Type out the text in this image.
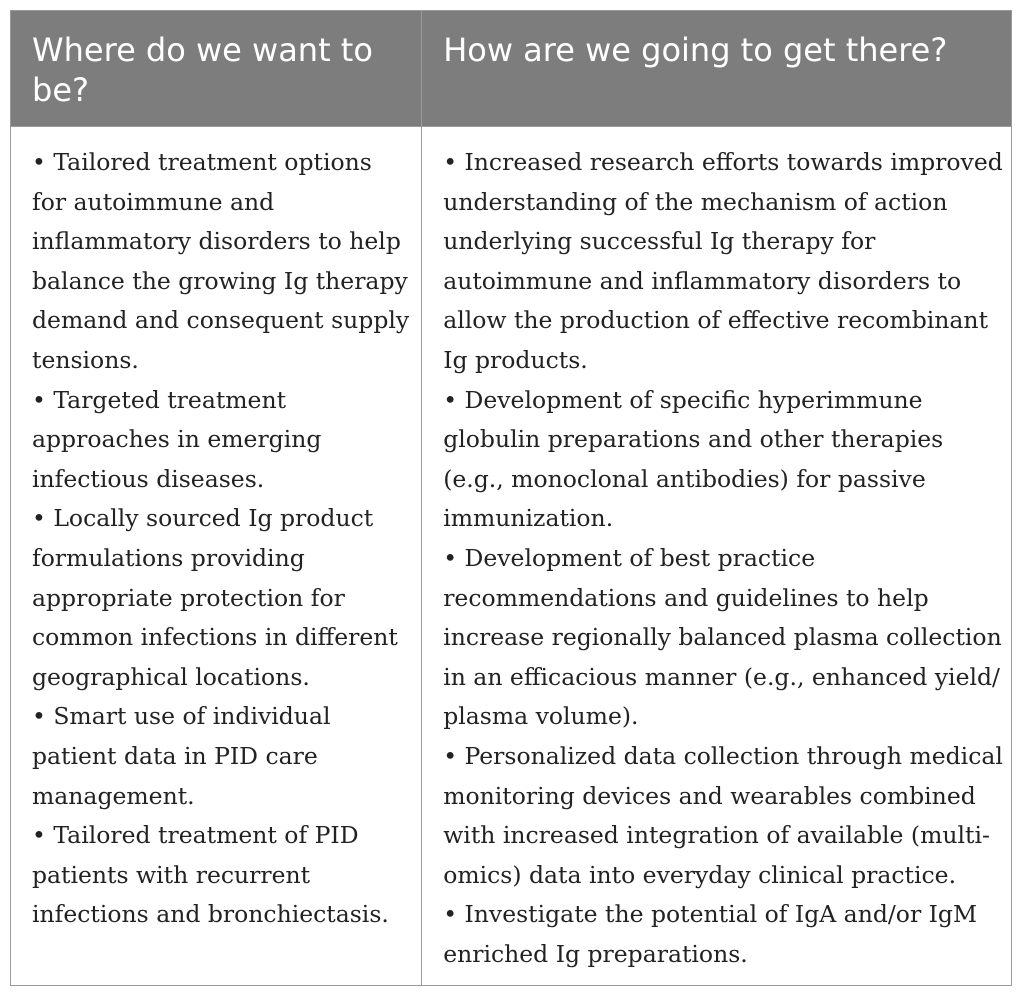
Where do we want to be?
How are we going to get there?

• Tailored treatment options for autoimmune and inflammatory disorders to help balance the growing Ig therapy demand and consequent supply tensions.

• Targeted treatment approaches in emerging infectious diseases.

• Locally sourced Ig product formulations providing appropriate protection for common infections in different geographical locations.

• Smart use of individual patient data in PID care management.

• Tailored treatment of PID patients with recurrent infections and bronchiectasis.

• Increased research efforts towards improved understanding of the mechanism of action underlying successful Ig therapy for autoimmune and inflammatory disorders to allow the production of effective recombinant Ig products.

• Development of specific hyperimmune globulin preparations and other therapies (e.g., monoclonal antibodies) for passive immunization.

• Development of best practice recommendations and guidelines to help increase regionally balanced plasma collection in an efficacious manner (e.g., enhanced yield/ plasma volume).

• Personalized data collection through medical monitoring devices and wearables combined with increased integration of available (multi-omics) data into everyday clinical practice.

• Investigate the potential of IgA and/or IgM enriched Ig preparations.
